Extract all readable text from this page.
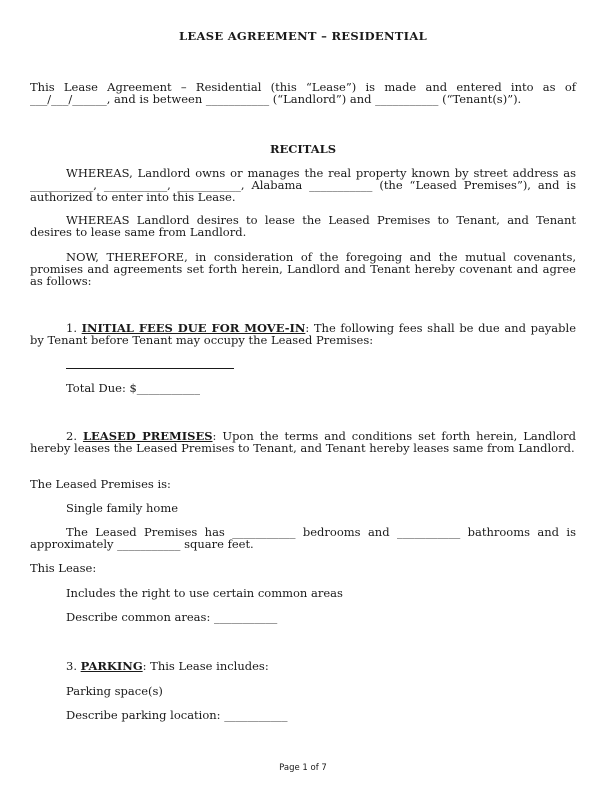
LEASE AGREEMENT – RESIDENTIAL
This Lease Agreement – Residential (this “Lease”) is made and entered into as of ___/___/______, and is between ___________ (“Landlord”) and ___________ (“Tenant(s)”).
RECITALS
WHEREAS, Landlord owns or manages the real property known by street address as ___________, ___________, ___________, Alabama ___________ (the “Leased Premises”), and is authorized to enter into this Lease.
WHEREAS Landlord desires to lease the Leased Premises to Tenant, and Tenant desires to lease same from Landlord.
NOW, THEREFORE, in consideration of the foregoing and the mutual covenants, promises and agreements set forth herein, Landlord and Tenant hereby covenant and agree as follows:
1. INITIAL FEES DUE FOR MOVE-IN: The following fees shall be due and payable by Tenant before Tenant may occupy the Leased Premises:
Total Due: $___________
2. LEASED PREMISES: Upon the terms and conditions set forth herein, Landlord hereby leases the Leased Premises to Tenant, and Tenant hereby leases same from Landlord.
The Leased Premises is:
Single family home
The Leased Premises has ___________ bedrooms and ___________ bathrooms and is approximately ___________ square feet.
This Lease:
Includes the right to use certain common areas
Describe common areas: ___________
3. PARKING: This Lease includes:
Parking space(s)
Describe parking location: ___________
Page 1 of 7
